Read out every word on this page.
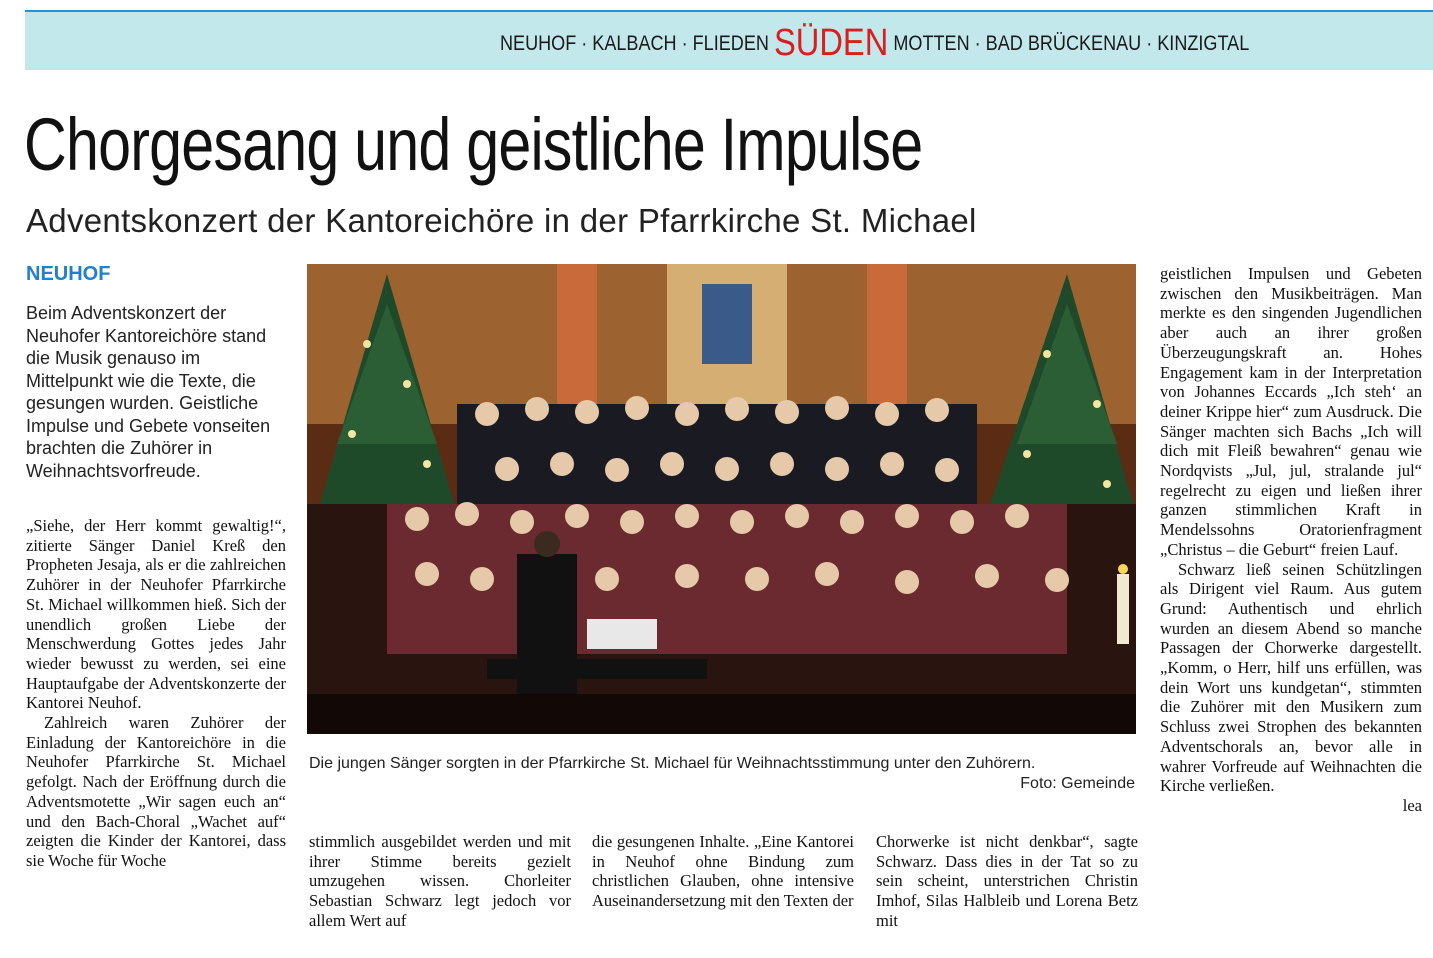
NEUHOF · KALBACH · FLIEDEN SÜDEN MOTTEN · BAD BRÜCKENAU · KINZIGTAL
Chorgesang und geistliche Impulse
Adventskonzert der Kantoreichöre in der Pfarrkirche St. Michael
NEUHOF
Beim Adventskonzert der Neuhofer Kantoreichöre stand die Musik genauso im Mittelpunkt wie die Texte, die gesungen wurden. Geistliche Impulse und Gebete vonseiten brachten die Zuhörer in Weihnachtsvorfreude.

„Siehe, der Herr kommt gewaltig!“, zitierte Sänger Daniel Kreß den Propheten Jesaja, als er die zahlreichen Zuhörer in der Neuhofer Pfarrkirche St. Michael willkommen hieß. Sich der unendlich großen Liebe der Menschwerdung Gottes jedes Jahr wieder bewusst zu werden, sei eine Hauptaufgabe der Adventskonzerte der Kantorei Neuhof.

Zahlreich waren Zuhörer der Einladung der Kantoreichöre in die Neuhofer Pfarrkirche St. Michael gefolgt. Nach der Eröffnung durch die Adventsmotette „Wir sagen euch an“ und den Bach-Choral „Wachet auf“ zeigten die Kinder der Kantorei, dass sie Woche für Woche

Die jungen Sänger sorgten in der Pfarrkirche St. Michael für Weihnachtsstimmung unter den Zuhörern.
Foto: Gemeinde

stimmlich ausgebildet werden und mit ihrer Stimme bereits gezielt umzugehen wissen. Chorleiter Sebastian Schwarz legt jedoch vor allem Wert auf

die gesungenen Inhalte. „Eine Kantorei in Neuhof ohne Bindung zum christlichen Glauben, ohne intensive Auseinandersetzung mit den Texten der

Chorwerke ist nicht denkbar“, sagte Schwarz. Dass dies in der Tat so zu sein scheint, unterstrichen Christin Imhof, Silas Halbleib und Lorena Betz mit

geistlichen Impulsen und Gebeten zwischen den Musikbeiträgen. Man merkte es den singenden Jugendlichen aber auch an ihrer großen Überzeugungskraft an. Hohes Engagement kam in der Interpretation von Johannes Eccards „Ich steh‘ an deiner Krippe hier“ zum Ausdruck. Die Sänger machten sich Bachs „Ich will dich mit Fleiß bewahren“ genau wie Nordqvists „Jul, jul, stralande jul“ regelrecht zu eigen und ließen ihrer ganzen stimmlichen Kraft in Mendelssohns Oratorienfragment „Christus – die Geburt“ freien Lauf.

Schwarz ließ seinen Schützlingen als Dirigent viel Raum. Aus gutem Grund: Authentisch und ehrlich wurden an diesem Abend so manche Passagen der Chorwerke dargestellt. „Komm, o Herr, hilf uns erfüllen, was dein Wort uns kundgetan“, stimmten die Zuhörer mit den Musikern zum Schluss zwei Strophen des bekannten Adventschorals an, bevor alle in wahrer Vorfreude auf Weihnachten die Kirche verließen.

lea
